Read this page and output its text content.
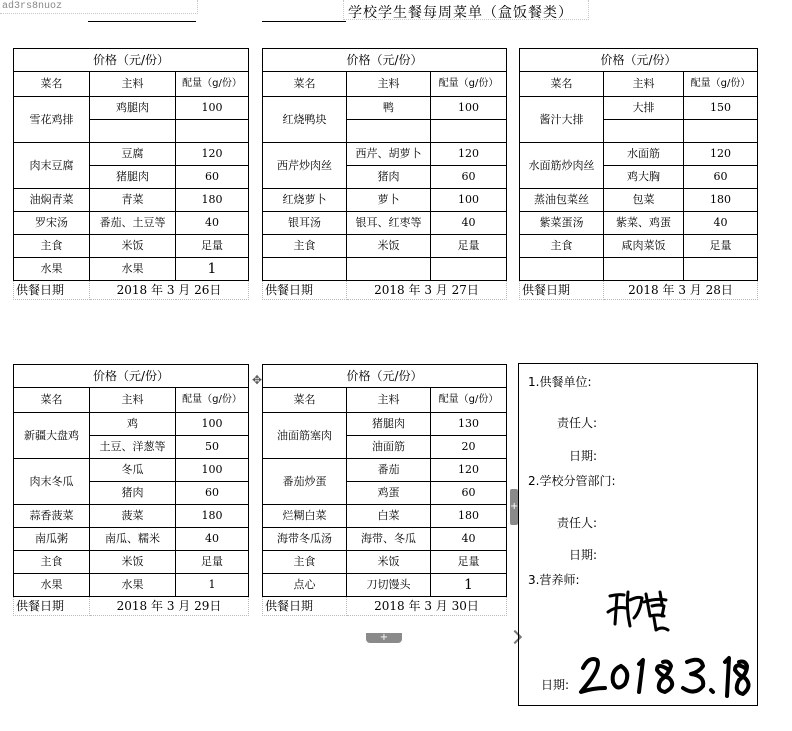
ad3rs8nuoz	学校学生餐每周菜单（盒饭餐类）
价格（元/份）		
菜名	主料	配量（g/份）
雪花鸡排	鸡腿肉	100

肉末豆腐	豆腐	120
	猪腿肉	60
油焖青菜	青菜	180
罗宋汤	番茄、土豆等	40
主食	米饭	足量
水果	水果	1
供餐日期	2018 年 3 月 26日	
价格（元/份）		
菜名	主料	配量（g/份）
红烧鸭块	鸭	100

西芹炒肉丝	西芹、胡萝卜	120
	猪肉	60
红烧萝卜	萝卜	100
银耳汤	银耳、红枣等	40
主食	米饭	足量

供餐日期	2018 年 3 月 27日	
价格（元/份）		
菜名	主料	配量（g/份）
酱汁大排	大排	150

水面筋炒肉丝	水面筋	120
	鸡大胸	60
蒸油包菜丝	包菜	180
紫菜蛋汤	紫菜、鸡蛋	40
主食	咸肉菜饭	足量

供餐日期	2018 年 3 月 28日	
价格（元/份）		
菜名	主料	配量（g/份）
新疆大盘鸡	鸡	100
	土豆、洋葱等	50
肉末冬瓜	冬瓜	100
	猪肉	60
蒜香菠菜	菠菜	180
南瓜粥	南瓜、糯米	40
主食	米饭	足量
水果	水果	1
供餐日期	2018 年 3 月 29日	
价格（元/份）		
菜名	主料	配量（g/份）
油面筋塞肉	猪腿肉	130
	油面筋	20
番茄炒蛋	番茄	120
	鸡蛋	60
烂糊白菜	白菜	180
海带冬瓜汤	海带、冬瓜	40
主食	米饭	足量
点心	刀切馒头	1
供餐日期	2018 年 3 月 30日	
✥
+
+
1.供餐单位:
责任人:
日期:
2.学校分管部门:
责任人:
日期:
3.营养师:
日期:
